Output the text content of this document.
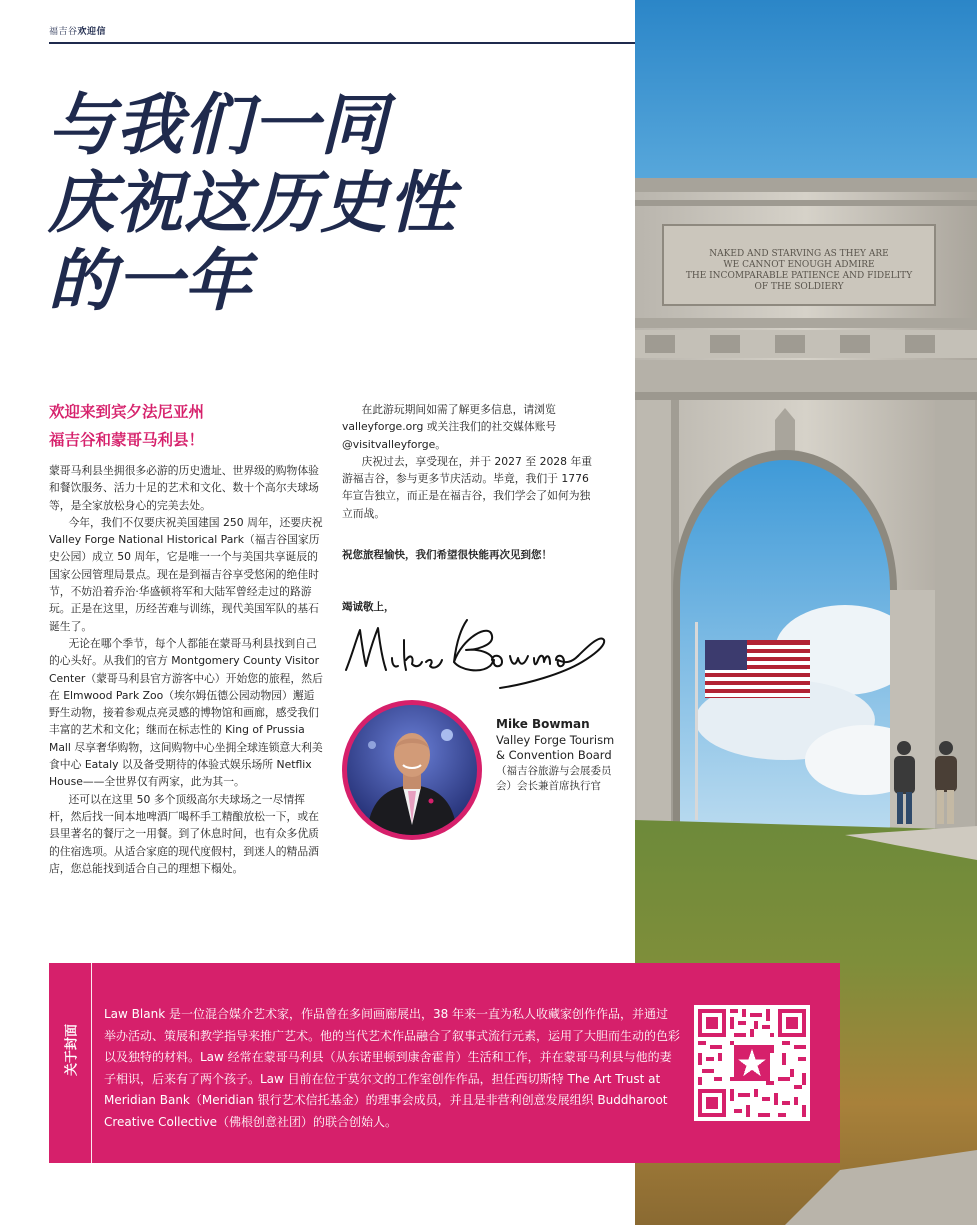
福吉谷欢迎信
与我们一同
庆祝这历史性
的一年	NAKED AND STARVING AS THEY ARE
WE CANNOT ENOUGH ADMIRE
THE INCOMPARABLE PATIENCE AND FIDELITY
OF THE SOLDIERY

欢迎来到宾夕法尼亚州

福吉谷和蒙哥马利县！

蒙哥马利县坐拥很多必游的历史遗址、世界级的购物体验和餐饮服务、活力十足的艺术和文化、数十个高尔夫球场等，是全家放松身心的完美去处。

今年，我们不仅要庆祝美国建国 250 周年，还要庆祝 Valley Forge National Historical Park（福吉谷国家历史公园）成立 50 周年，它是唯一一个与美国共享诞辰的国家公园管理局景点。现在是到福吉谷享受悠闲的绝佳时节，不妨沿着乔治·华盛顿将军和大陆军曾经走过的路游玩。正是在这里，历经苦难与训练，现代美国军队的基石诞生了。

无论在哪个季节，每个人都能在蒙哥马利县找到自己的心头好。从我们的官方 Montgomery County Visitor Center（蒙哥马利县官方游客中心）开始您的旅程，然后在 Elmwood Park Zoo（埃尔姆伍德公园动物园）邂逅野生动物，接着参观点亮灵感的博物馆和画廊，感受我们丰富的艺术和文化；继而在标志性的 King of Prussia Mall 尽享奢华购物，这间购物中心坐拥全球连锁意大利美食中心 Eataly 以及备受期待的体验式娱乐场所 Netflix House——全世界仅有两家，此为其一。

还可以在这里 50 多个顶级高尔夫球场之一尽情挥杆，然后找一间本地啤酒厂喝杯手工精酿放松一下，或在县里著名的餐厅之一用餐。到了休息时间，也有众多优质的住宿选项。从适合家庭的现代度假村，到迷人的精品酒店，您总能找到适合自己的理想下榻处。

在此游玩期间如需了解更多信息，请浏览 valleyforge.org 或关注我们的社交媒体账号 @visitvalleyforge。

庆祝过去，享受现在，并于 2027 至 2028 年重游福吉谷，参与更多节庆活动。毕竟，我们于 1776 年宣告独立，而正是在福吉谷，我们学会了如何为独立而战。

祝您旅程愉快，我们希望很快能再次见到您！

竭诚敬上，

Mike Bowman
Valley Forge Tourism & Convention Board
（福吉谷旅游与会展委员会）会长兼首席执行官
关于封面
Law Blank 是一位混合媒介艺术家，作品曾在多间画廊展出，38 年来一直为私人收藏家创作作品，并通过举办活动、策展和教学指导来推广艺术。他的当代艺术作品融合了叙事式流行元素，运用了大胆而生动的色彩以及独特的材料。Law 经常在蒙哥马利县（从东诺里顿到康舍霍肯）生活和工作，并在蒙哥马利县与他的妻子相识，后来有了两个孩子。Law 目前在位于莫尔文的工作室创作作品，担任西切斯特 The Art Trust at Meridian Bank（Meridian 银行艺术信托基金）的理事会成员，并且是非营利创意发展组织 Buddharoot Creative Collective（佛根创意社团）的联合创始人。
